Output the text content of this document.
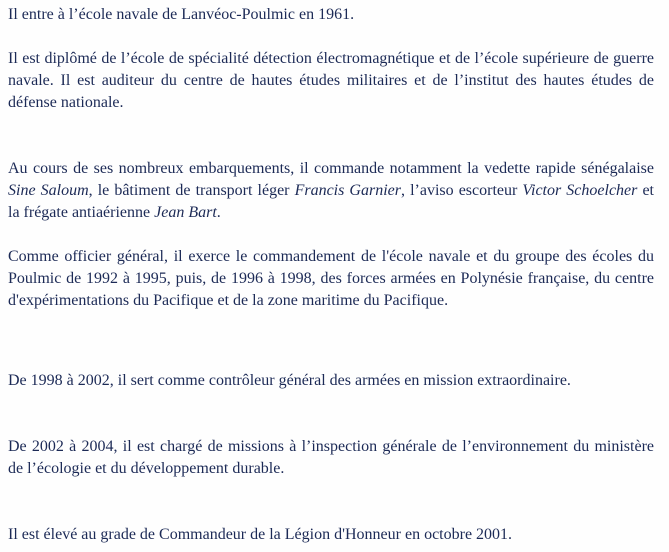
Il entre à l’école navale de Lanvéoc-Poulmic en 1961.

Il est diplômé de l’école de spécialité détection électromagnétique et de l’école supérieure de guerre navale. Il est auditeur du centre de hautes études militaires et de l’institut des hautes études de défense nationale.

Au cours de ses nombreux embarquements, il commande notamment la vedette rapide sénégalaise Sine Saloum, le bâtiment de transport léger Francis Garnier, l’aviso escorteur Victor Schoelcher et la frégate antiaérienne Jean Bart.

Comme officier général, il exerce le commandement de l'école navale et du groupe des écoles du Poulmic de 1992 à 1995, puis, de 1996 à 1998, des forces armées en Polynésie française, du centre d'expérimentations du Pacifique et de la zone maritime du Pacifique.

De 1998 à 2002, il sert comme contrôleur général des armées en mission extraordinaire.

De 2002 à 2004, il est chargé de missions à l’inspection générale de l’environnement du ministère de l’écologie et du développement durable.

Il est élevé au grade de Commandeur de la Légion d'Honneur en octobre 2001.
